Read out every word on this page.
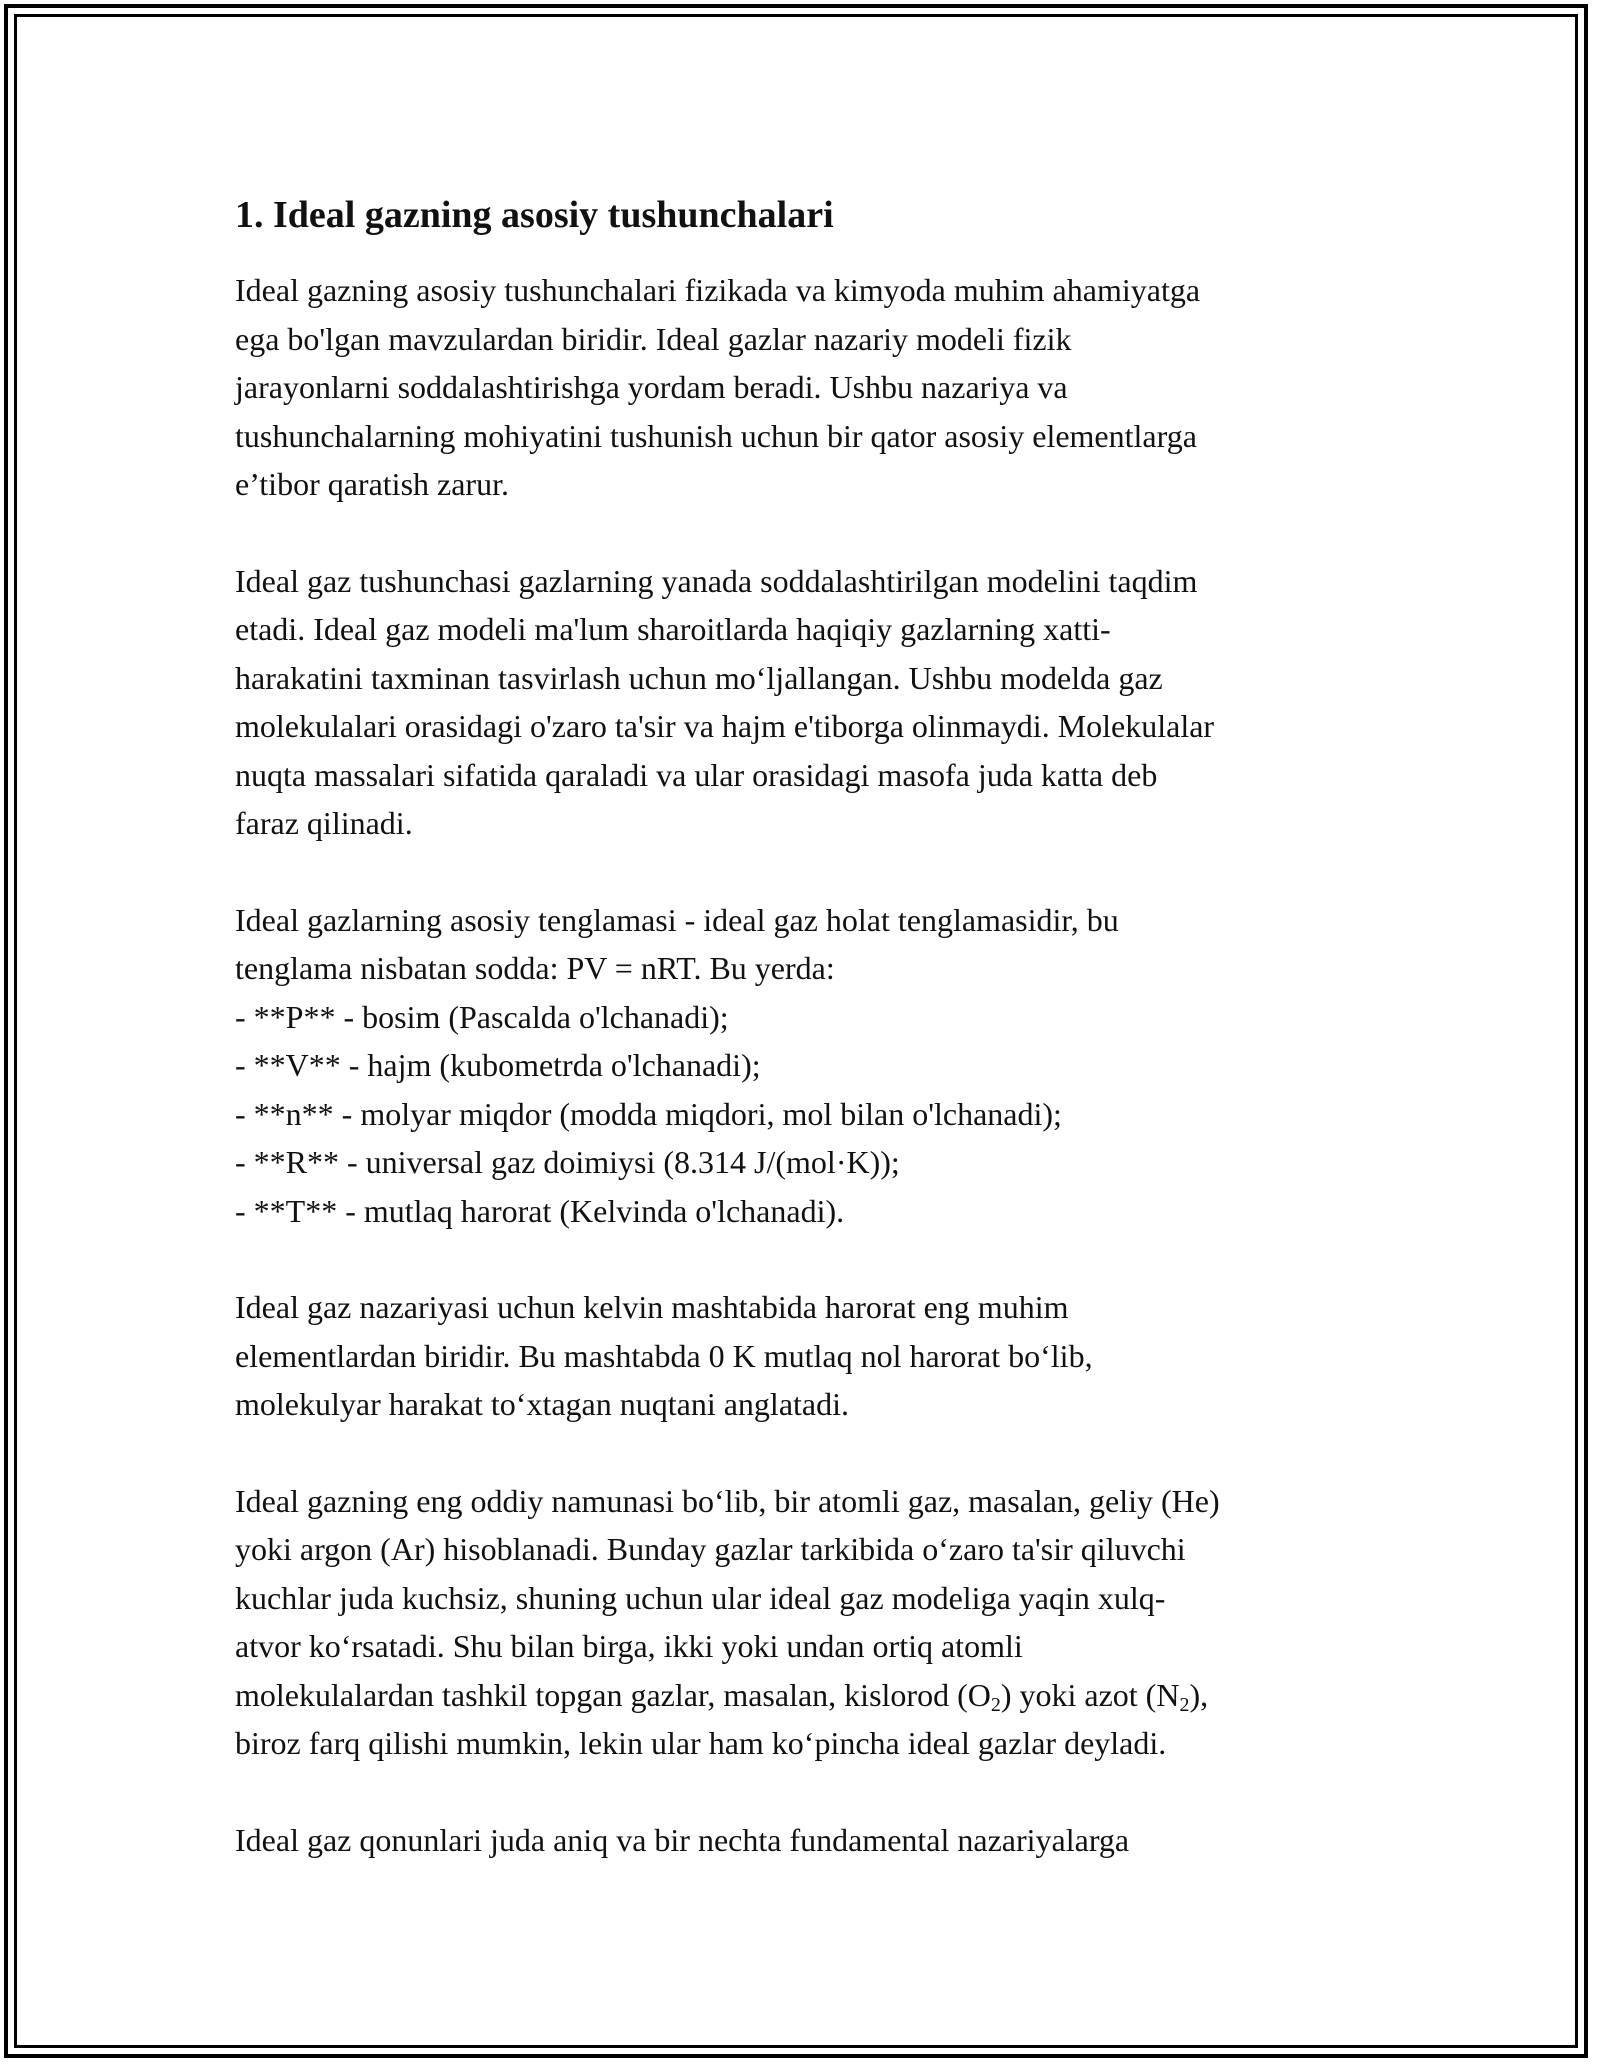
1. Ideal gazning asosiy tushunchalari

Ideal gazning asosiy tushunchalari fizikada va kimyoda muhim ahamiyatga
ega bo'lgan mavzulardan biridir. Ideal gazlar nazariy modeli fizik
jarayonlarni soddalashtirishga yordam beradi. Ushbu nazariya va
tushunchalarning mohiyatini tushunish uchun bir qator asosiy elementlarga
e’tibor qaratish zarur.

Ideal gaz tushunchasi gazlarning yanada soddalashtirilgan modelini taqdim
etadi. Ideal gaz modeli ma'lum sharoitlarda haqiqiy gazlarning xatti-
harakatini taxminan tasvirlash uchun moʻljallangan. Ushbu modelda gaz
molekulalari orasidagi o'zaro ta'sir va hajm e'tiborga olinmaydi. Molekulalar
nuqta massalari sifatida qaraladi va ular orasidagi masofa juda katta deb
faraz qilinadi.

Ideal gazlarning asosiy tenglamasi - ideal gaz holat tenglamasidir, bu
tenglama nisbatan sodda: PV = nRT. Bu yerda:
- **P** - bosim (Pascalda o'lchanadi);
- **V** - hajm (kubometrda o'lchanadi);
- **n** - molyar miqdor (modda miqdori, mol bilan o'lchanadi);
- **R** - universal gaz doimiysi (8.314 J/(mol·K));
- **T** - mutlaq harorat (Kelvinda o'lchanadi).

Ideal gaz nazariyasi uchun kelvin mashtabida harorat eng muhim
elementlardan biridir. Bu mashtabda 0 K mutlaq nol harorat boʻlib,
molekulyar harakat toʻxtagan nuqtani anglatadi.

Ideal gazning eng oddiy namunasi boʻlib, bir atomli gaz, masalan, geliy (He)
yoki argon (Ar) hisoblanadi. Bunday gazlar tarkibida oʻzaro ta'sir qiluvchi
kuchlar juda kuchsiz, shuning uchun ular ideal gaz modeliga yaqin xulq-
atvor koʻrsatadi. Shu bilan birga, ikki yoki undan ortiq atomli
molekulalardan tashkil topgan gazlar, masalan, kislorod $(O_2)$ yoki azot $(N_2)$,
biroz farq qilishi mumkin, lekin ular ham koʻpincha ideal gazlar deyladi.

Ideal gaz qonunlari juda aniq va bir nechta fundamental nazariyalarga
